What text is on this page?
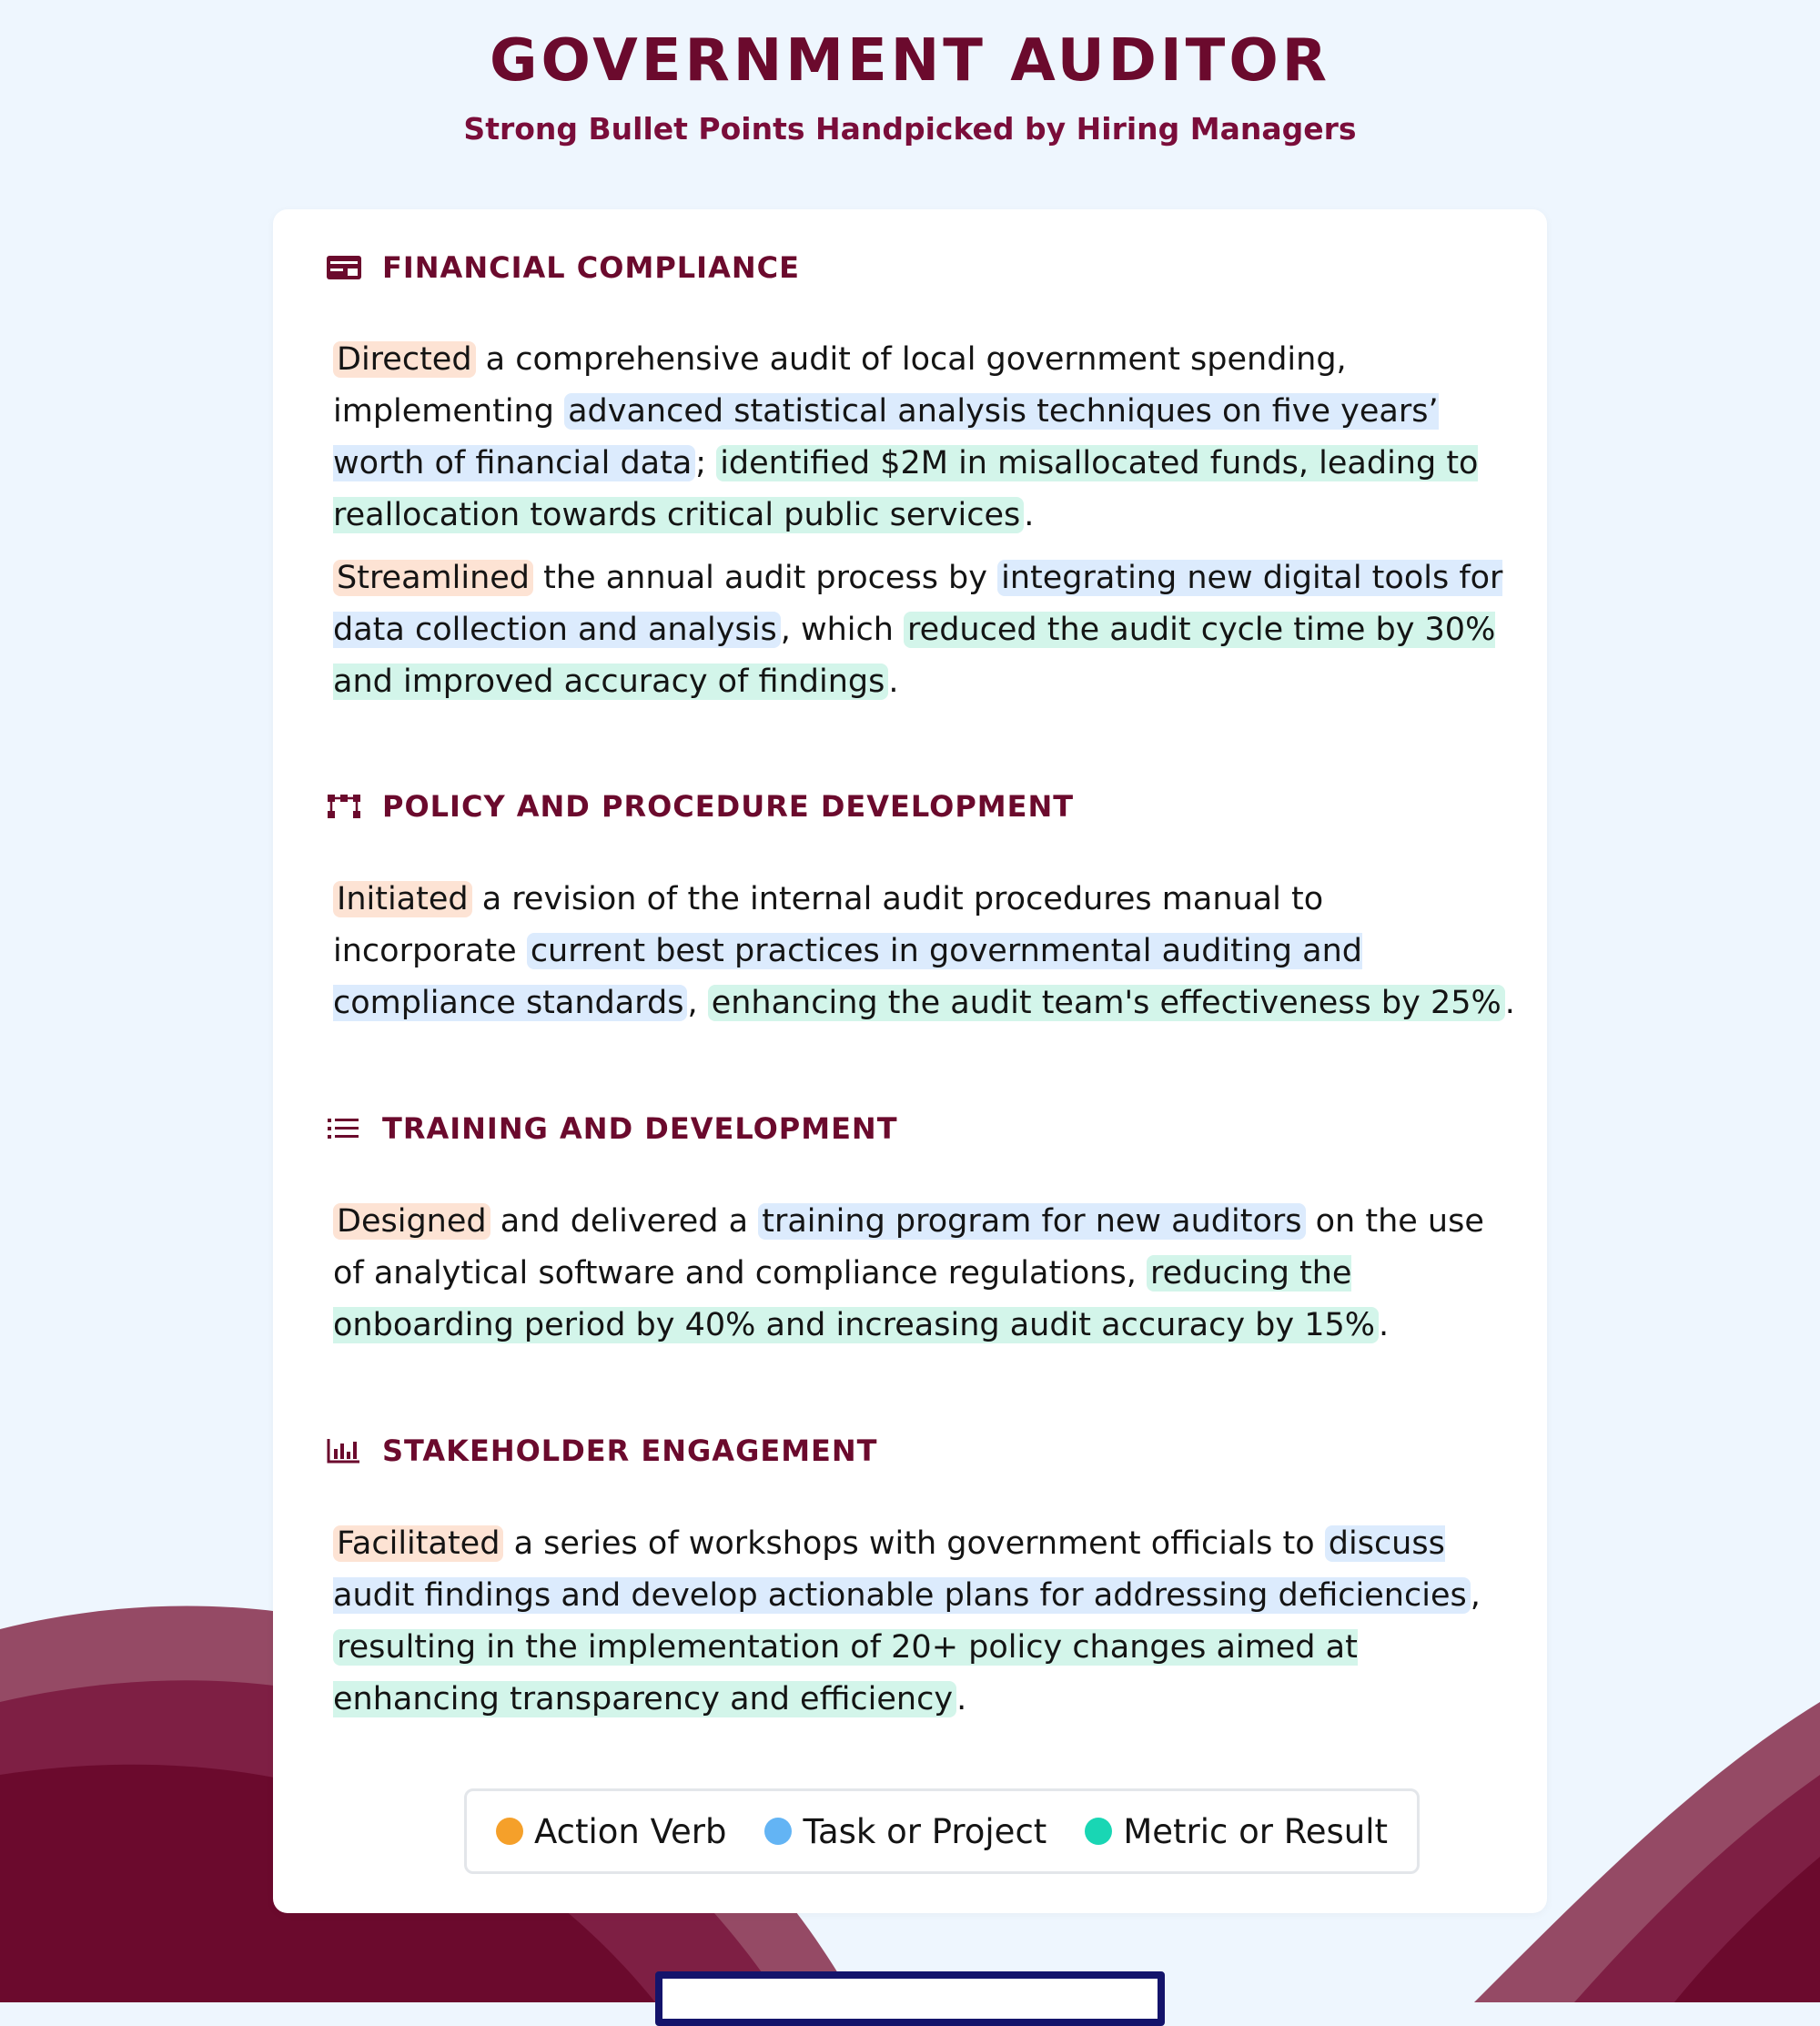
GOVERNMENT AUDITOR
Strong Bullet Points Handpicked by Hiring Managers
FINANCIAL COMPLIANCE

Directed a comprehensive audit of local government spending, implementing advanced statistical analysis techniques on five years’ worth of financial data ; identified $2M in misallocated funds, leading to reallocation towards critical public services .

Streamlined the annual audit process by integrating new digital tools for data collection and analysis , which reduced the audit cycle time by 30% and improved accuracy of findings .

POLICY AND PROCEDURE DEVELOPMENT

Initiated a revision of the internal audit procedures manual to incorporate current best practices in governmental auditing and compliance standards , enhancing the audit team's effectiveness by 25% .

TRAINING AND DEVELOPMENT

Designed and delivered a training program for new auditors on the use of analytical software and compliance regulations, reducing the onboarding period by 40% and increasing audit accuracy by 15% .

STAKEHOLDER ENGAGEMENT

Facilitated a series of workshops with government officials to discuss audit findings and develop actionable plans for addressing deficiencies , resulting in the implementation of 20+ policy changes aimed at enhancing transparency and efficiency .

Action Verb Task or Project Metric or Result
